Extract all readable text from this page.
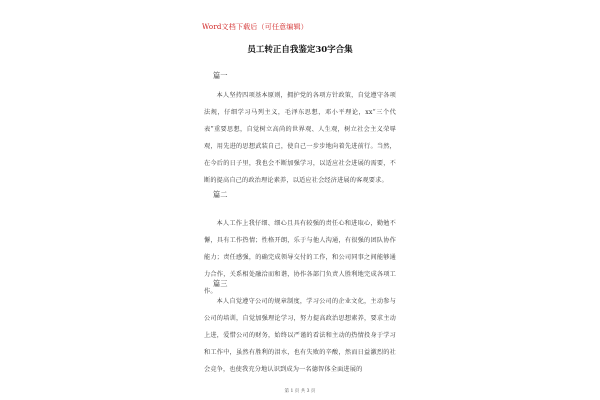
Word文档下载后（可任意编辑）
员工转正自我鉴定30字合集
篇一
本人坚持四项基本原则，拥护党的各项方针政策，自觉遵守各项法规，仔细学习马列主义，毛泽东思想，邓小平理论，xx“三个代表”重要思想，自觉树立高尚的世界观、人生观，树立社会主义荣辱观，用先进的思想武装自己，使自己一步步地向着先进前行。当然，在今后的日子里，我也会不断加强学习，以适应社会进展的需要，不断的提高自己的政治理论素养，以适应社会经济进展的客观要求。
篇二
本人工作上我仔细、细心且具有较强的责任心和进取心，勤勉不懈，具有工作热情；性格开朗，乐于与他人沟通，有很强的团队协作能力；责任感强，的确完成领导交付的工作，和公司同事之间能够通力合作，关系相处融洽而和谐，协作各部门负责人胜利地完成各项工作。
篇三
本人自觉遵守公司的规章制度，学习公司的企业文化，主动参与公司的培训，自觉加强理论学习，努力提高政治思想素养，要求主动上进，爱惜公司的财务，始终以严谨的看法和主动的热情投身于学习和工作中，虽然有胜利的泪水，也有失败的辛酸，然而日益激烈的社会竞争，也使我充分地认识到成为一名德智体全面进展的
第 1 页 共 3 页
